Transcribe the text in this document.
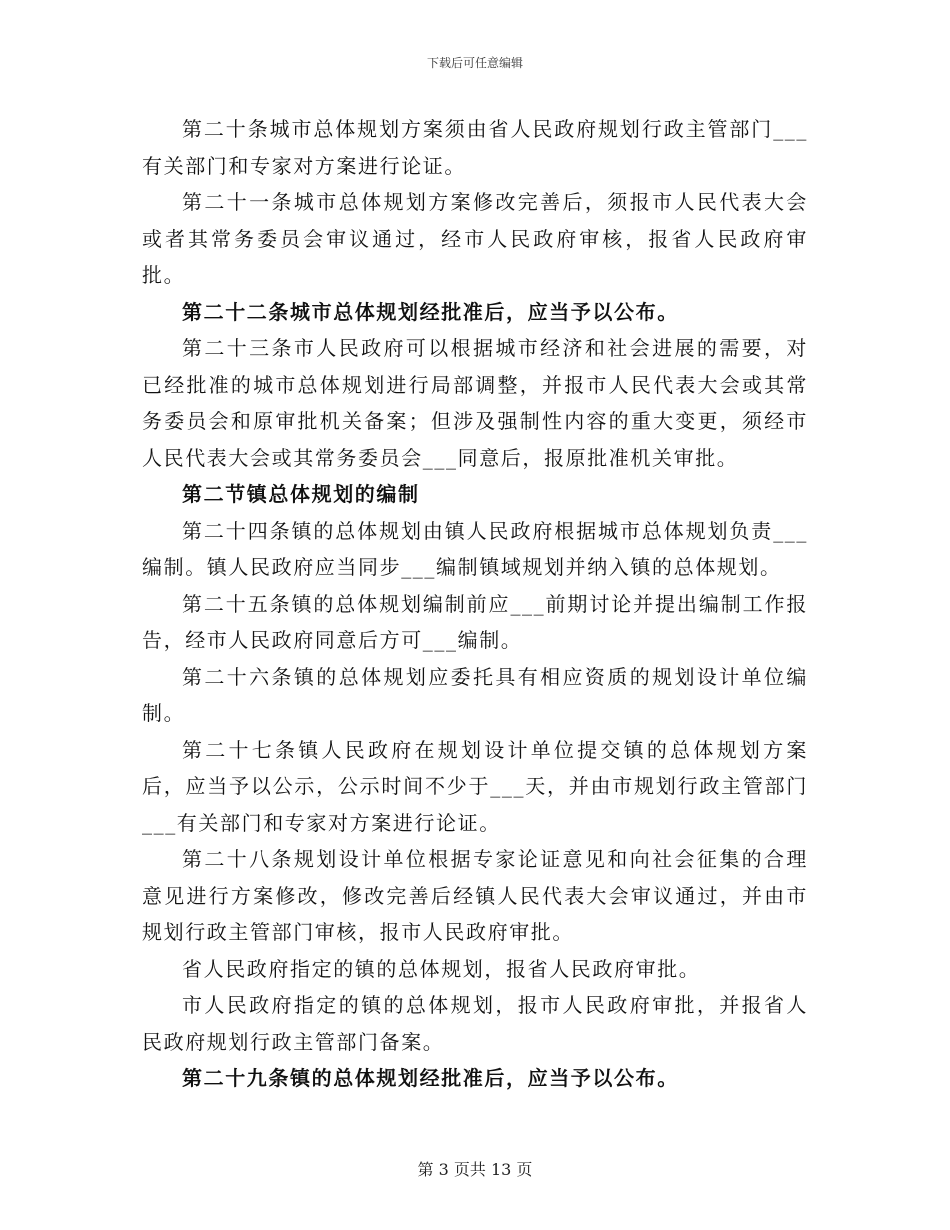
下载后可任意编辑

第二十条城市总体规划方案须由省人民政府规划行政主管部门___有关部门和专家对方案进行论证。

第二十一条城市总体规划方案修改完善后，须报市人民代表大会或者其常务委员会审议通过，经市人民政府审核，报省人民政府审批。

第二十二条城市总体规划经批准后，应当予以公布。

第二十三条市人民政府可以根据城市经济和社会进展的需要，对已经批准的城市总体规划进行局部调整，并报市人民代表大会或其常务委员会和原审批机关备案；但涉及强制性内容的重大变更，须经市人民代表大会或其常务委员会___同意后，报原批准机关审批。

第二节镇总体规划的编制

第二十四条镇的总体规划由镇人民政府根据城市总体规划负责___编制。镇人民政府应当同步___编制镇域规划并纳入镇的总体规划。

第二十五条镇的总体规划编制前应___前期讨论并提出编制工作报告，经市人民政府同意后方可___编制。

第二十六条镇的总体规划应委托具有相应资质的规划设计单位编制。

第二十七条镇人民政府在规划设计单位提交镇的总体规划方案后，应当予以公示，公示时间不少于___天，并由市规划行政主管部门___有关部门和专家对方案进行论证。

第二十八条规划设计单位根据专家论证意见和向社会征集的合理意见进行方案修改，修改完善后经镇人民代表大会审议通过，并由市规划行政主管部门审核，报市人民政府审批。

省人民政府指定的镇的总体规划，报省人民政府审批。

市人民政府指定的镇的总体规划，报市人民政府审批，并报省人民政府规划行政主管部门备案。

第二十九条镇的总体规划经批准后，应当予以公布。

第 3 页共 13 页
